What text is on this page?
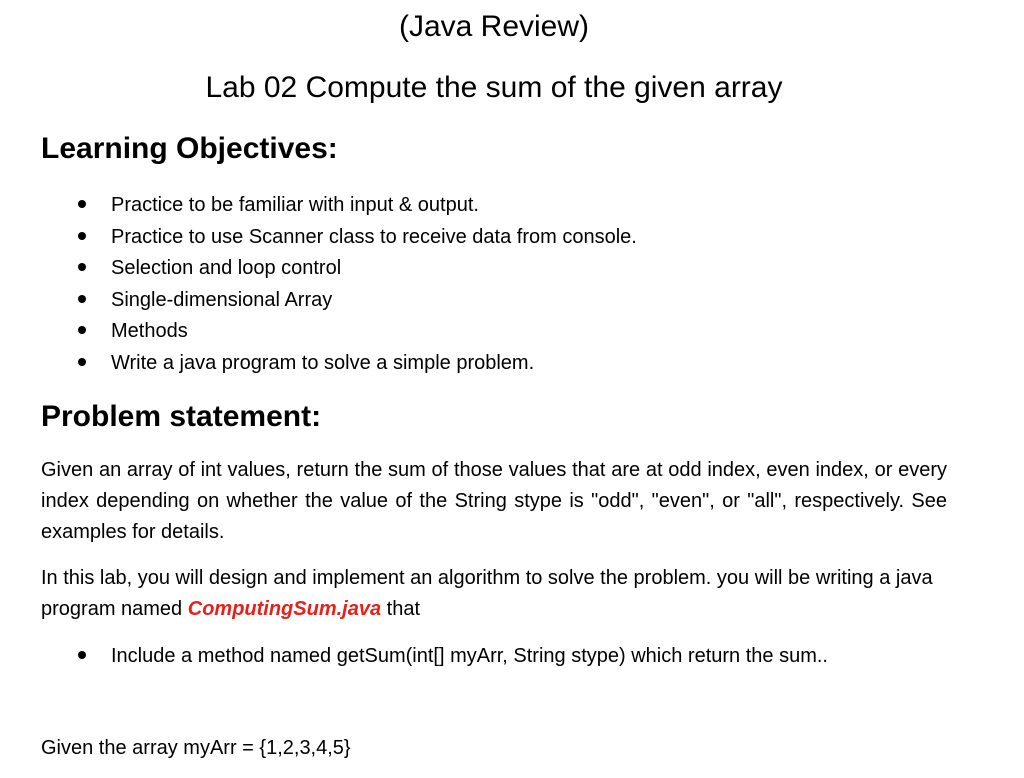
(Java Review)
Lab 02 Compute the sum of the given array
Learning Objectives:
Practice to be familiar with input & output.
Practice to use Scanner class to receive data from console.
Selection and loop control
Single-dimensional Array
Methods
Write a java program to solve a simple problem.
Problem statement:

Given an array of int values, return the sum of those values that are at odd index, even index, or every index depending on whether the value of the String stype is "odd", "even", or "all", respectively. See examples for details.

In this lab, you will design and implement an algorithm to solve the problem. you will be writing a java program named ComputingSum.java that

Include a method named getSum(int[] myArr, String stype) which return the sum..

Given the array myArr = {1,2,3,4,5}
